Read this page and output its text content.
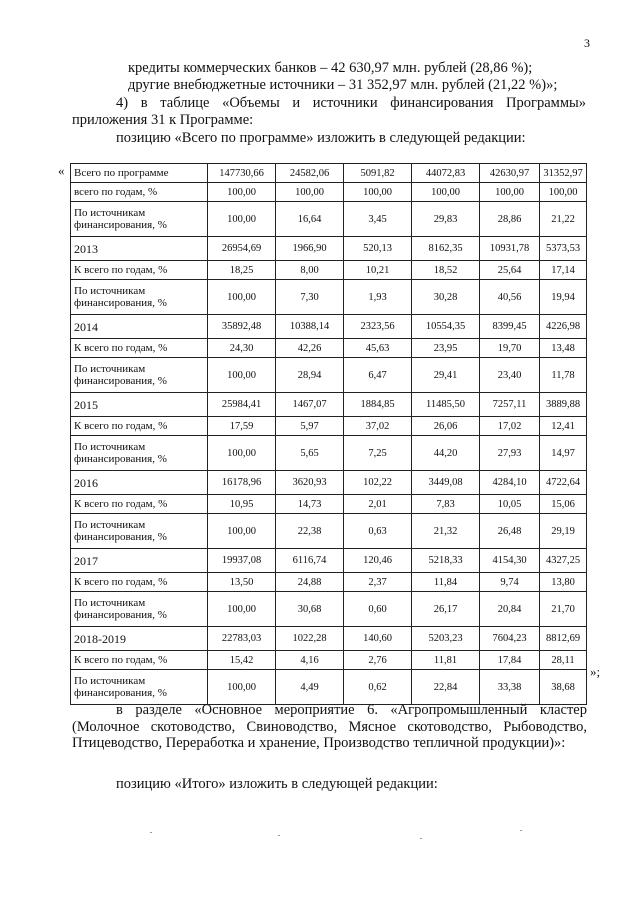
3

кредиты коммерческих банков – 42 630,97 млн. рублей (28,86 %);

другие внебюджетные источники – 31 352,97 млн. рублей (21,22 %)»;

4) в таблице «Объемы и источники финансирования Программы»

приложения 31 к Программе:

позицию «Всего по программе» изложить в следующей редакции:

« Всего по программе	147730,66	24582,06	5091,82	44072,83	42630,97	31352,97
всего по годам, %	100,00	100,00	100,00	100,00	100,00	100,00
По источникам финансирования, %	100,00	16,64	3,45	29,83	28,86	21,22
2013	26954,69	1966,90	520,13	8162,35	10931,78	5373,53
К всего по годам, %	18,25	8,00	10,21	18,52	25,64	17,14
По источникам финансирования, %	100,00	7,30	1,93	30,28	40,56	19,94
2014	35892,48	10388,14	2323,56	10554,35	8399,45	4226,98
К всего по годам, %	24,30	42,26	45,63	23,95	19,70	13,48
По источникам финансирования, %	100,00	28,94	6,47	29,41	23,40	11,78
2015	25984,41	1467,07	1884,85	11485,50	7257,11	3889,88
К всего по годам, %	17,59	5,97	37,02	26,06	17,02	12,41
По источникам финансирования, %	100,00	5,65	7,25	44,20	27,93	14,97
2016	16178,96	3620,93	102,22	3449,08	4284,10	4722,64
К всего по годам, %	10,95	14,73	2,01	7,83	10,05	15,06
По источникам финансирования, %	100,00	22,38	0,63	21,32	26,48	29,19
2017	19937,08	6116,74	120,46	5218,33	4154,30	4327,25
К всего по годам, %	13,50	24,88	2,37	11,84	9,74	13,80
По источникам финансирования, %	100,00	30,68	0,60	26,17	20,84	21,70
2018-2019	22783,03	1022,28	140,60	5203,23	7604,23	8812,69
К всего по годам, %	15,42	4,16	2,76	11,81	17,84	28,11
По источникам финансирования, %	100,00	4,49	0,62	22,84	33,38	38,68
»;

в разделе «Основное мероприятие 6. «Агропромышленный кластер (Молочное скотоводство, Свиноводство, Мясное скотоводство, Рыбоводство, Птицеводство, Переработка и хранение, Производство тепличной продукции)»:

позицию «Итого» изложить в следующей редакции:
